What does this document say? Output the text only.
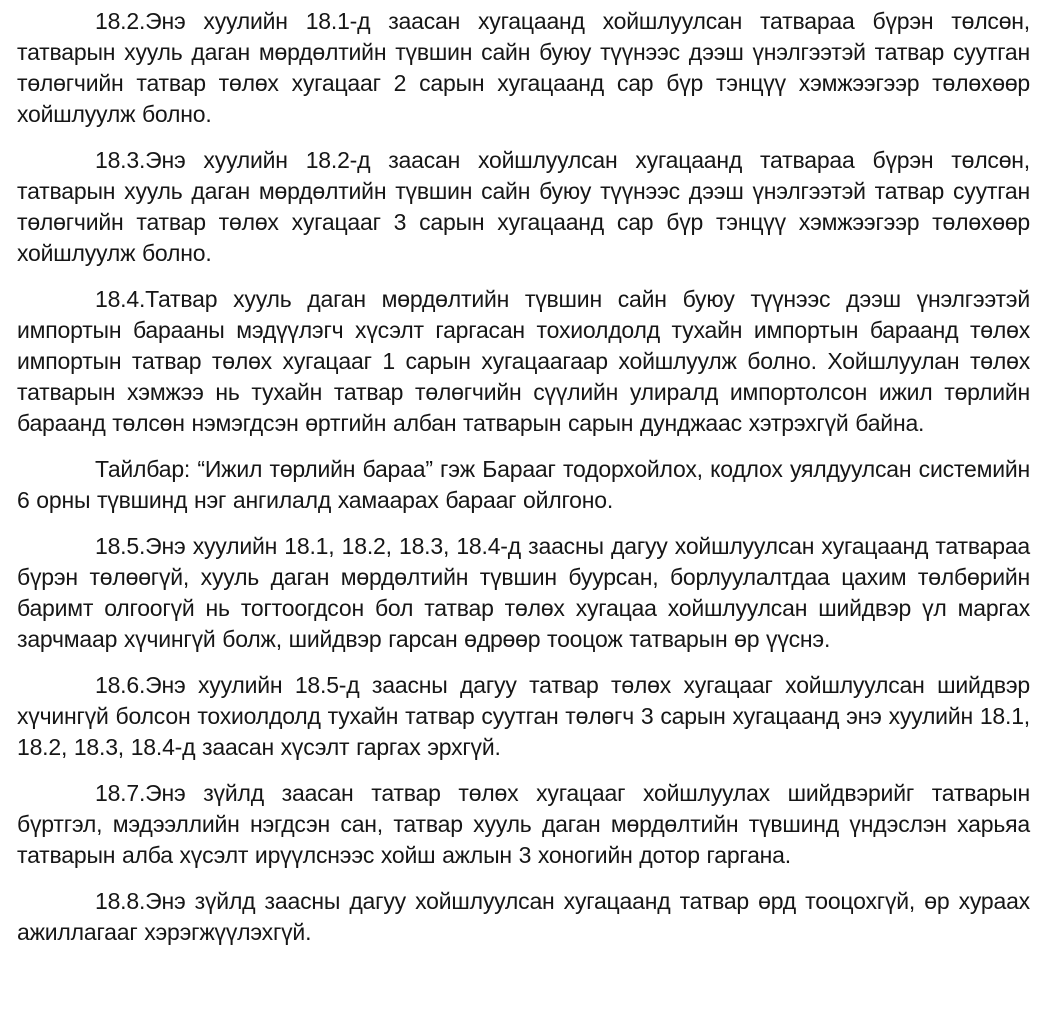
18.2.Энэ хуулийн 18.1-д заасан хугацаанд хойшлуулсан татвараа бүрэн төлсөн, татварын хууль даган мөрдөлтийн түвшин сайн буюу түүнээс дээш үнэлгээтэй татвар суутган төлөгчийн татвар төлөх хугацааг 2 сарын хугацаанд сар бүр тэнцүү хэмжээгээр төлөхөөр хойшлуулж болно.

18.3.Энэ хуулийн 18.2-д заасан хойшлуулсан хугацаанд татвараа бүрэн төлсөн, татварын хууль даган мөрдөлтийн түвшин сайн буюу түүнээс дээш үнэлгээтэй татвар суутган төлөгчийн татвар төлөх хугацааг 3 сарын хугацаанд сар бүр тэнцүү хэмжээгээр төлөхөөр хойшлуулж болно.

18.4.Татвар хууль даган мөрдөлтийн түвшин сайн буюу түүнээс дээш үнэлгээтэй импортын барааны мэдүүлэгч хүсэлт гаргасан тохиолдолд тухайн импортын бараанд төлөх импортын татвар төлөх хугацааг 1 сарын хугацаагаар хойшлуулж болно. Хойшлуулан төлөх татварын хэмжээ нь тухайн татвар төлөгчийн сүүлийн улиралд импортолсон ижил төрлийн бараанд төлсөн нэмэгдсэн өртгийн албан татварын сарын дунджаас хэтрэхгүй байна.

Тайлбар: “Ижил төрлийн бараа” гэж Барааг тодорхойлох, кодлох уялдуулсан системийн 6 орны түвшинд нэг ангилалд хамаарах барааг ойлгоно.

18.5.Энэ хуулийн 18.1, 18.2, 18.3, 18.4-д заасны дагуу хойшлуулсан хугацаанд татвараа бүрэн төлөөгүй, хууль даган мөрдөлтийн түвшин буурсан, борлуулалтдаа цахим төлбөрийн баримт олгоогүй нь тогтоогдсон бол татвар төлөх хугацаа хойшлуулсан шийдвэр үл маргах зарчмаар хүчингүй болж, шийдвэр гарсан өдрөөр тооцож татварын өр үүснэ.

18.6.Энэ хуулийн 18.5-д заасны дагуу татвар төлөх хугацааг хойшлуулсан шийдвэр хүчингүй болсон тохиолдолд тухайн татвар суутган төлөгч 3 сарын хугацаанд энэ хуулийн 18.1, 18.2, 18.3, 18.4-д заасан хүсэлт гаргах эрхгүй.

18.7.Энэ зүйлд заасан татвар төлөх хугацааг хойшлуулах шийдвэрийг татварын бүртгэл, мэдээллийн нэгдсэн сан, татвар хууль даган мөрдөлтийн түвшинд үндэслэн харьяа татварын алба хүсэлт ирүүлснээс хойш ажлын 3 хоногийн дотор гаргана.

18.8.Энэ зүйлд заасны дагуу хойшлуулсан хугацаанд татвар өрд тооцохгүй, өр хураах ажиллагааг хэрэгжүүлэхгүй.
